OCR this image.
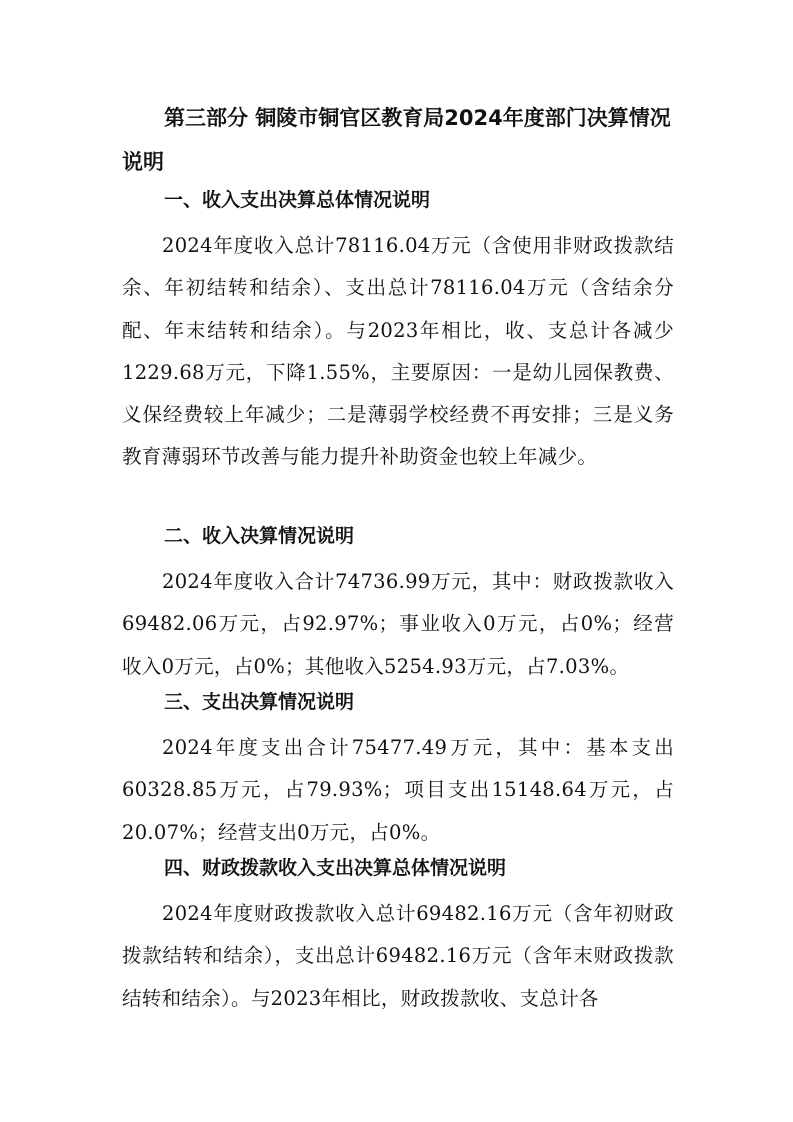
第三部分 铜陵市铜官区教育局2024年度部门决算情况说明
一、收入支出决算总体情况说明

2024年度收入总计78116.04万元（含使用非财政拨款结余、年初结转和结余）、支出总计78116.04万元（含结余分配、年末结转和结余）。与2023年相比，收、支总计各减少1229.68万元，下降1.55%，主要原因：一是幼儿园保教费、义保经费较上年减少；二是薄弱学校经费不再安排；三是义务教育薄弱环节改善与能力提升补助资金也较上年减少。

二、收入决算情况说明

2024年度收入合计74736.99万元，其中：财政拨款收入69482.06万元，占92.97%；事业收入0万元，占0%；经营收入0万元，占0%；其他收入5254.93万元，占7.03%。

三、支出决算情况说明

2024年度支出合计75477.49万元，其中：基本支出60328.85万元，占79.93%；项目支出15148.64万元，占20.07%；经营支出0万元，占0%。

四、财政拨款收入支出决算总体情况说明

2024年度财政拨款收入总计69482.16万元（含年初财政拨款结转和结余），支出总计69482.16万元（含年末财政拨款结转和结余）。与2023年相比，财政拨款收、支总计各
